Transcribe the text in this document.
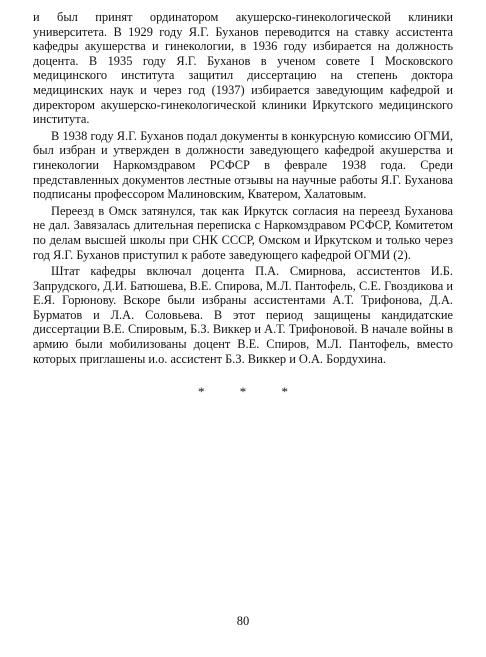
и был принят ординатором акушерско-гинекологической клиники университета. В 1929 году Я.Г. Буханов переводится на ставку ассистента кафедры акушерства и гинекологии, в 1936 году избирается на должность доцента. В 1935 году Я.Г. Буханов в ученом совете I Московского медицинского института защитил диссертацию на степень доктора медицинских наук и через год (1937) избирается заведующим кафедрой и директором акушерско-гинекологической клиники Иркутского медицинского института.

В 1938 году Я.Г. Буханов подал документы в конкурсную комиссию ОГМИ, был избран и утвержден в должности заведующего кафедрой акушерства и гинекологии Наркомздравом РСФСР в феврале 1938 года. Среди представленных документов лестные отзывы на научные работы Я.Г. Буханова подписаны профессором Малиновским, Кватером, Халатовым.

Переезд в Омск затянулся, так как Иркутск согласия на переезд Буханова не дал. Завязалась длительная переписка с Наркомздравом РСФСР, Комитетом по делам высшей школы при СНК СССР, Омском и Иркутском и только через год Я.Г. Буханов приступил к работе заведующего кафедрой ОГМИ (2).

Штат кафедры включал доцента П.А. Смирнова, ассистентов И.Б. Запрудского, Д.И. Батюшева, В.Е. Спирова, М.Л. Пантофель, С.Е. Гвоздикова и Е.Я. Горюнову. Вскоре были избраны ассистентами А.Т. Трифонова, Д.А. Бурматов и Л.А. Соловьева. В этот период защищены кандидатские диссертации В.Е. Спировым, Б.З. Виккер и А.Т. Трифоновой. В начале войны в армию были мобилизованы доцент В.Е. Спиров, М.Л. Пантофель, вместо которых приглашены и.о. ассистент Б.З. Виккер и О.А. Бордухина.

* * *
80
